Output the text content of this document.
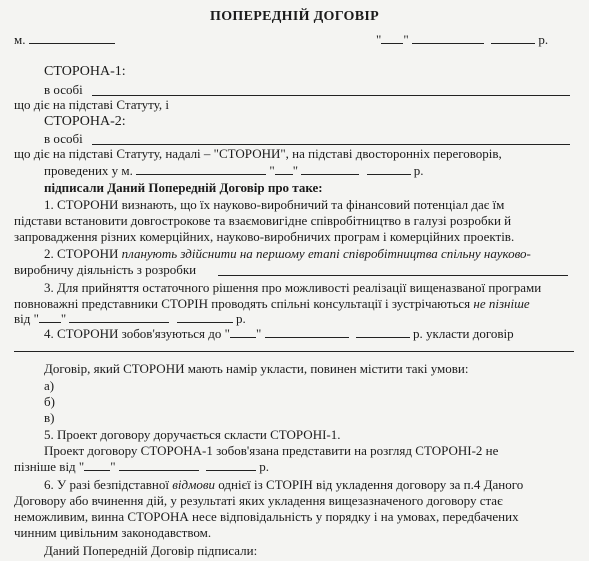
ПОПЕРЕДНІЙ ДОГОВІР
м.	" "	р.
СТОРОНА-1:
в особі
що діє на підставі Статуту, і
СТОРОНА-2:
в особі
що діє на підставі Статуту, надалі – "СТОРОНИ", на підставі двосторонніх переговорів,
проведених у м.	" "	р.
підписали Даний Попередній Договір про таке:
1. СТОРОНИ визнають, що їх науково-виробничий та фінансовий потенціал дає їм
підстави встановити довгострокове та взаємовигідне співробітництво в галузі розробки й
запровадження різних комерційних, науково-виробничих програм і комерційних проектів.
2. СТОРОНИ планують здійснити на першому етапі співробітництва спільну науково-
виробничу діяльність з розробки
3. Для прийняття остаточного рішення про можливості реалізації вищеназваної програми
повноважні представники СТОРІН проводять спільні консультації і зустрічаються не пізніше
від " "	р.
4. СТОРОНИ зобов'язуються до " "	р. укласти договір
Договір, який СТОРОНИ мають намір укласти, повинен містити такі умови:
а)
б)
в)
5. Проект договору доручається скласти СТОРОНІ-1.
Проект договору СТОРОНА-1 зобов'язана представити на розгляд СТОРОНІ-2 не
пізніше від " "	р.
6. У разі безпідставної відмови однієї із СТОРІН від укладення договору за п.4 Даного
Договору або вчинення дій, у результаті яких укладення вищезазначеного договору стає
неможливим, винна СТОРОНА несе відповідальність у порядку і на умовах, передбачених
чинним цивільним законодавством.
Даний Попередній Договір підписали:
